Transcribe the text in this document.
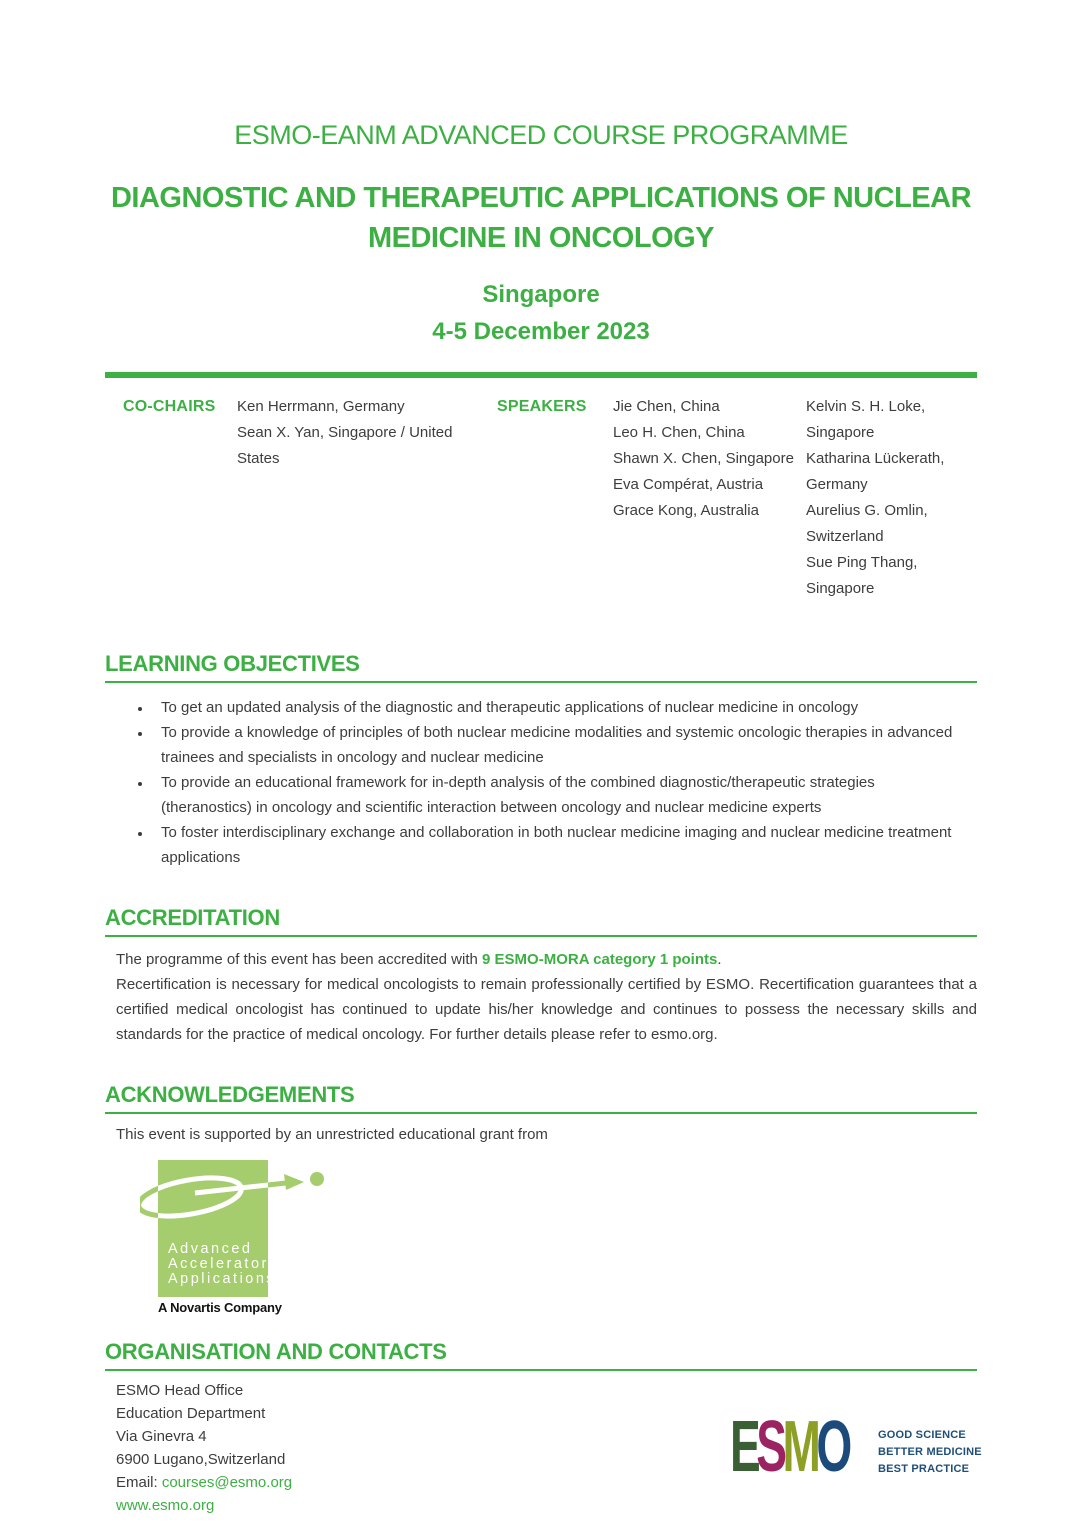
ESMO-EANM ADVANCED COURSE PROGRAMME
DIAGNOSTIC AND THERAPEUTIC APPLICATIONS OF NUCLEAR
MEDICINE IN ONCOLOGY
Singapore
4-5 December 2023
CO-CHAIRS	Ken Herrmann, Germany
Sean X. Yan, Singapore / United States
SPEAKERS	Jie Chen, China
Leo H. Chen, China
Shawn X. Chen, Singapore
Eva Compérat, Austria
Grace Kong, Australia
Kelvin S. H. Loke, Singapore
Katharina Lückerath, Germany
Aurelius G. Omlin, Switzerland
Sue Ping Thang, Singapore
LEARNING OBJECTIVES
• To get an updated analysis of the diagnostic and therapeutic applications of nuclear medicine in oncology
• To provide a knowledge of principles of both nuclear medicine modalities and systemic oncologic therapies in advanced trainees and specialists in oncology and nuclear medicine
• To provide an educational framework for in-depth analysis of the combined diagnostic/therapeutic strategies (theranostics) in oncology and scientific interaction between oncology and nuclear medicine experts
• To foster interdisciplinary exchange and collaboration in both nuclear medicine imaging and nuclear medicine treatment applications
ACCREDITATION
The programme of this event has been accredited with 9 ESMO-MORA category 1 points.
Recertification is necessary for medical oncologists to remain professionally certified by ESMO. Recertification guarantees that a certified medical oncologist has continued to update his/her knowledge and continues to possess the necessary skills and standards for the practice of medical oncology. For further details please refer to esmo.org.
ACKNOWLEDGEMENTS
This event is supported by an unrestricted educational grant from
Advanced
Accelerator
Applications
A Novartis Company
ORGANISATION AND CONTACTS
ESMO Head Office
Education Department
Via Ginevra 4
6900 Lugano,Switzerland
Email: courses@esmo.org
www.esmo.org
ESMO	GOOD SCIENCE
BETTER MEDICINE
BEST PRACTICE
